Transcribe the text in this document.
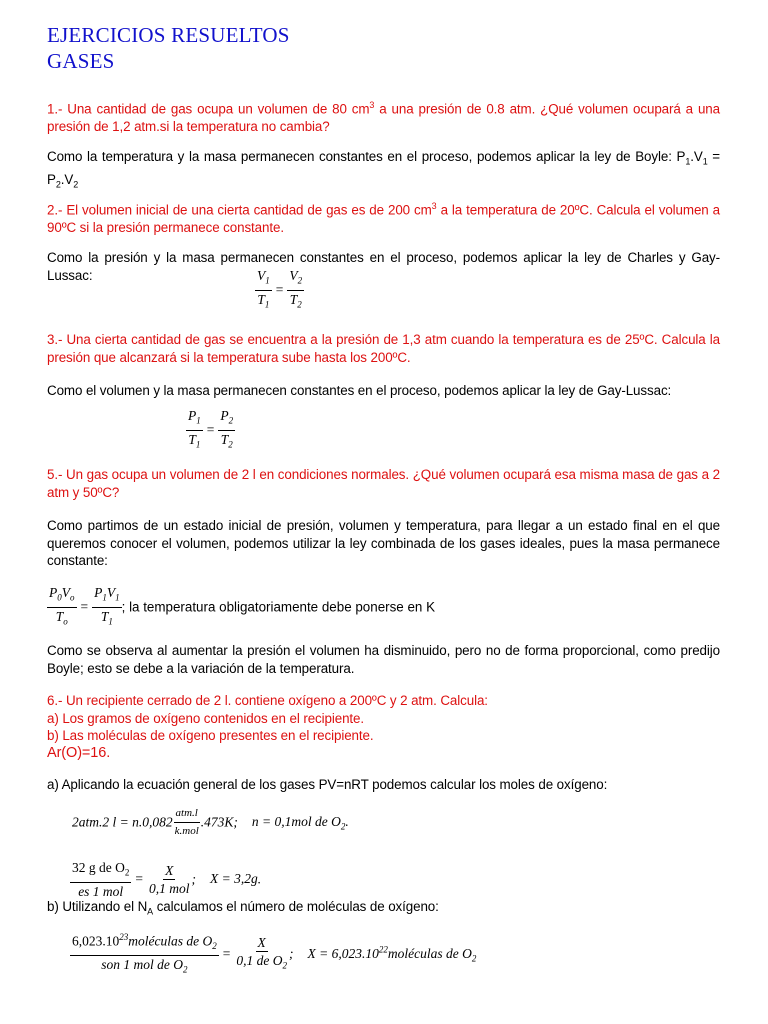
EJERCICIOS RESUELTOS
GASES
1.- Una cantidad de gas ocupa un volumen de 80 $cm^3$ a una presión de 0.8 atm. ¿Qué volumen ocupará a una presión de 1,2 atm.si la temperatura no cambia?
Como la temperatura y la masa permanecen constantes en el proceso, podemos aplicar la ley de Boyle: $P_1.V_1 = P_2.V_2$
2.- El volumen inicial de una cierta cantidad de gas es de 200 $cm^3$ a la temperatura de 20ºC. Calcula el volumen a 90ºC si la presión permanece constante.
Como la presión y la masa permanecen constantes en el proceso, podemos aplicar la ley de Charles y Gay-Lussac:	$\frac{V_1}{T_1} = \frac{V_2}{T_2}$
3.- Una cierta cantidad de gas se encuentra a la presión de 1,3 atm cuando la temperatura es de 25ºC. Calcula la presión que alcanzará si la temperatura sube hasta los 200ºC.
Como el volumen y la masa permanecen constantes en el proceso, podemos aplicar la ley de Gay-Lussac:
$\frac{P_1}{T_1} = \frac{P_2}{T_2}$
5.- Un gas ocupa un volumen de 2 l en condiciones normales. ¿Qué volumen ocupará esa misma masa de gas a 2 atm y 50ºC?
Como partimos de un estado inicial de presión, volumen y temperatura, para llegar a un estado final en el que queremos conocer el volumen, podemos utilizar la ley combinada de los gases ideales, pues la masa permanece constante:
$\frac{P_0V_o}{T_o} = \frac{P_1V_1}{T_1}$ ; la temperatura obligatoriamente debe ponerse en K
Como se observa al aumentar la presión el volumen ha disminuido, pero no de forma proporcional, como predijo Boyle; esto se debe a la variación de la temperatura.
6.- Un recipiente cerrado de 2 l. contiene oxígeno a 200ºC y 2 atm. Calcula:
a) Los gramos de oxígeno contenidos en el recipiente.
b) Las moléculas de oxígeno presentes en el recipiente.
Ar(O)=16.
a) Aplicando la ecuación general de los gases PV=nRT podemos calcular los moles de oxígeno:
2atm.2 $l = n.0,082 \frac{\text{atm.l}}{\text{k.mol}} .473K$; n = 0,1mol de $O_2$.
$\frac{32 g de O_2}{\text{es 1 mol}} = \frac{X}{\text{0,1 mol}}$ ; X = 3,2g.
b) Utilizando el $N_A$ calculamos el número de moléculas de oxígeno:
$\frac{6,023.10^{23}moléculas de O_2}{son 1 mol de O_2} = \frac{X}{0,1 de O_2}$ ; $X = 6,023.10^{22}moléculas$ de $O_2$
